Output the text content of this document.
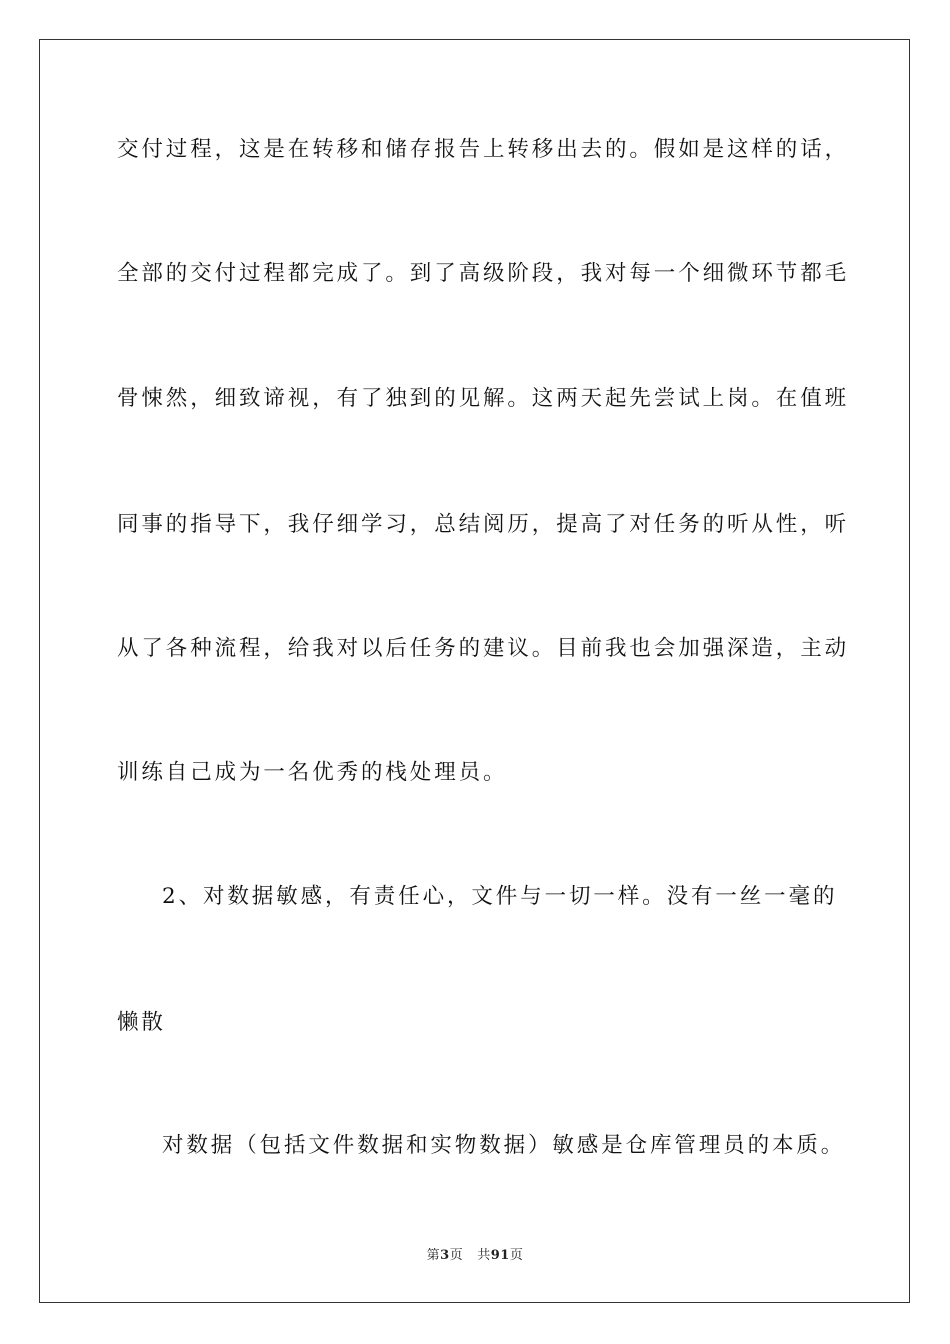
交付过程，这是在转移和储存报告上转移出去的。假如是这样的话，
全部的交付过程都完成了。到了高级阶段，我对每一个细微环节都毛
骨悚然，细致谛视，有了独到的见解。这两天起先尝试上岗。在值班
同事的指导下，我仔细学习，总结阅历，提高了对任务的听从性，听
从了各种流程，给我对以后任务的建议。目前我也会加强深造，主动
训练自己成为一名优秀的栈处理员。
2、对数据敏感，有责任心，文件与一切一样。没有一丝一毫的
懒散
对数据（包括文件数据和实物数据）敏感是仓库管理员的本质。
第3页 共91页
